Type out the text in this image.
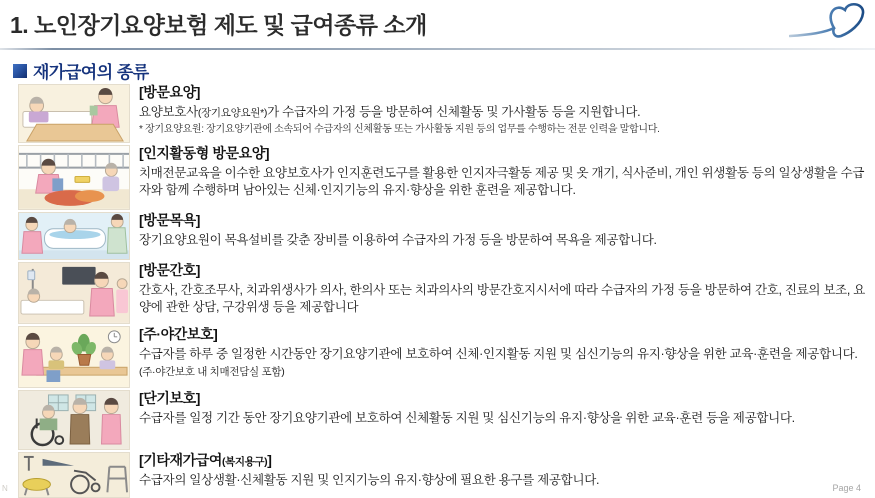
1. 노인장기요양보험 제도 및 급여종류 소개
재가급여의 종류
[방문요양]

요양보호사(장기요양요원*)가 수급자의 가정 등을 방문하여 신체활동 및 가사활동 등을 지원합니다.

* 장기요양요원: 장기요양기관에 소속되어 수급자의 신체활동 또는 가사활동 지원 등의 업무를 수행하는 전문 인력을 말합니다.
[인지활동형 방문요양]

치매전문교육을 이수한 요양보호사가 인지훈련도구를 활용한 인지자극활동 제공 및 옷 개기, 식사준비, 개인 위생활동 등의 일상생활을 수급자와 함께 수행하며 남아있는 신체·인지기능의 유지·향상을 위한 훈련을 제공합니다.

[방문목욕]

장기요양요원이 목욕설비를 갖춘 장비를 이용하여 수급자의 가정 등을 방문하여 목욕을 제공합니다.

[방문간호]

간호사, 간호조무사, 치과위생사가 의사, 한의사 또는 치과의사의 방문간호지시서에 따라 수급자의 가정 등을 방문하여 간호, 진료의 보조, 요양에 관한 상담, 구강위생 등을 제공합니다

[주·야간보호]

수급자를 하루 중 일정한 시간동안 장기요양기관에 보호하여 신체·인지활동 지원 및 심신기능의 유지·향상을 위한 교육·훈련을 제공합니다. (주·야간보호 내 치매전담실 포함)

[단기보호]

수급자를 일정 기간 동안 장기요양기관에 보호하여 신체활동 지원 및 심신기능의 유지·향상을 위한 교육·훈련 등을 제공합니다.

[기타재가급여(복지용구)]

수급자의 일상생활·신체활동 지원 및 인지기능의 유지·향상에 필요한 용구를 제공합니다.

N	Page 4
